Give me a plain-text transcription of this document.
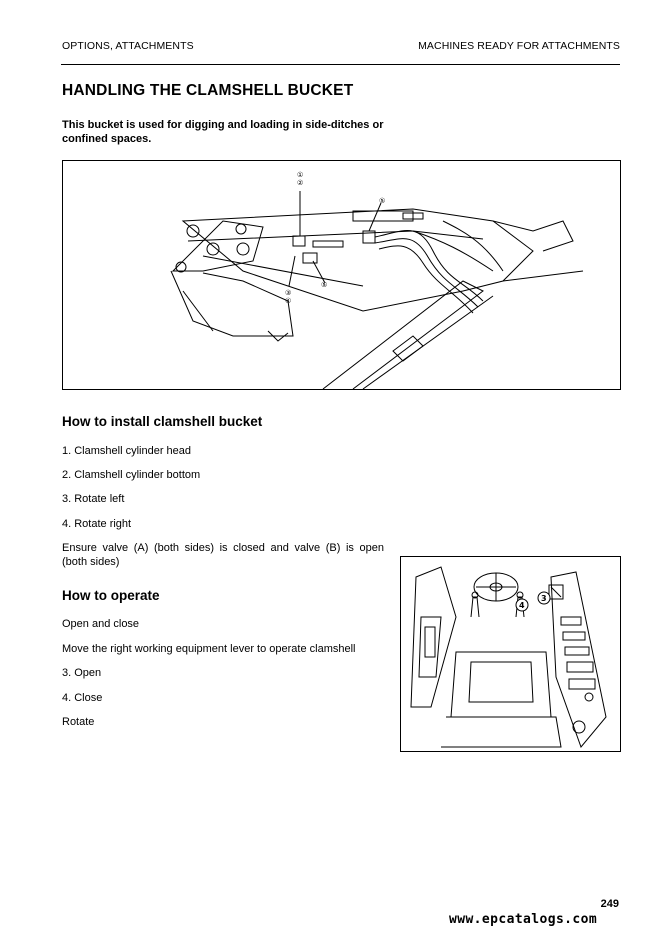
OPTIONS, ATTACHMENTS	MACHINES READY FOR ATTACHMENTS
HANDLING THE CLAMSHELL BUCKET
This bucket is used for digging and loading in side-ditches or confined spaces.
①
②
⑤
③
④
⑤
How to install clamshell bucket
1. Clamshell cylinder head
2. Clamshell cylinder bottom
3. Rotate left
4. Rotate right
Ensure valve (A) (both sides) is closed and valve (B) is open (both sides)
How to operate
Open and close
Move the right working equipment lever to operate clamshell
3. Open
4. Close
Rotate
4
3
249
www.epcatalogs.com
